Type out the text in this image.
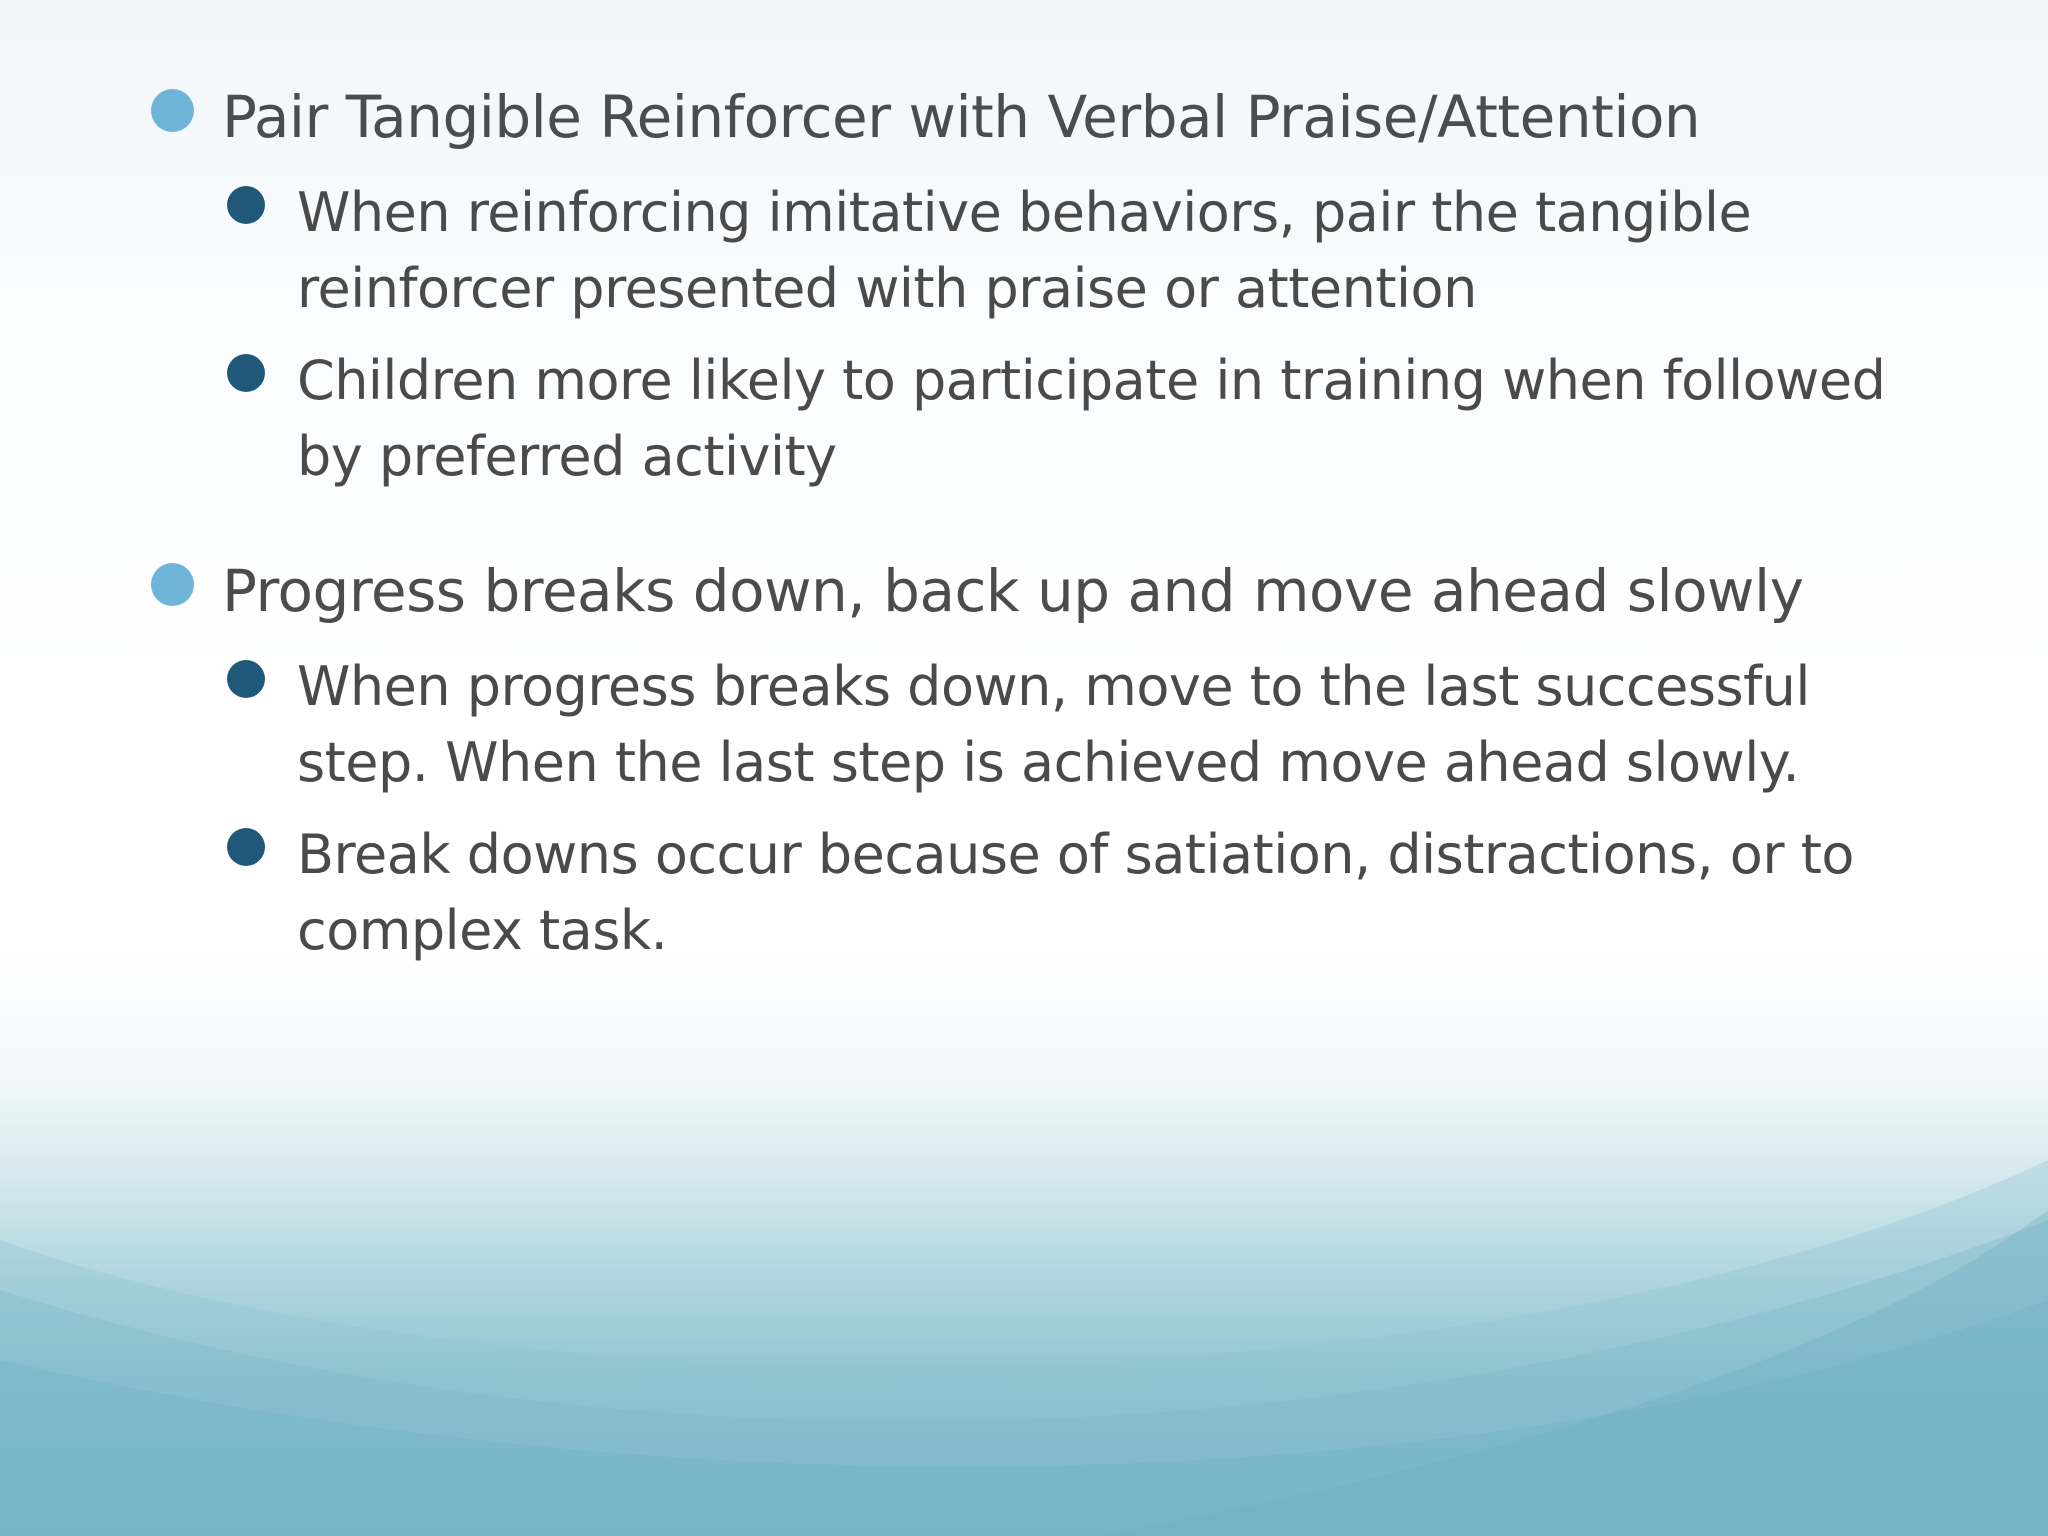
Pair Tangible Reinforcer with Verbal Praise/Attention
When reinforcing imitative behaviors, pair the tangible reinforcer presented with praise or attention
Children more likely to participate in training when followed by preferred activity
Progress breaks down, back up and move ahead slowly
When progress breaks down, move to the last successful step. When the last step is achieved move ahead slowly.
Break downs occur because of satiation, distractions, or to complex task.
